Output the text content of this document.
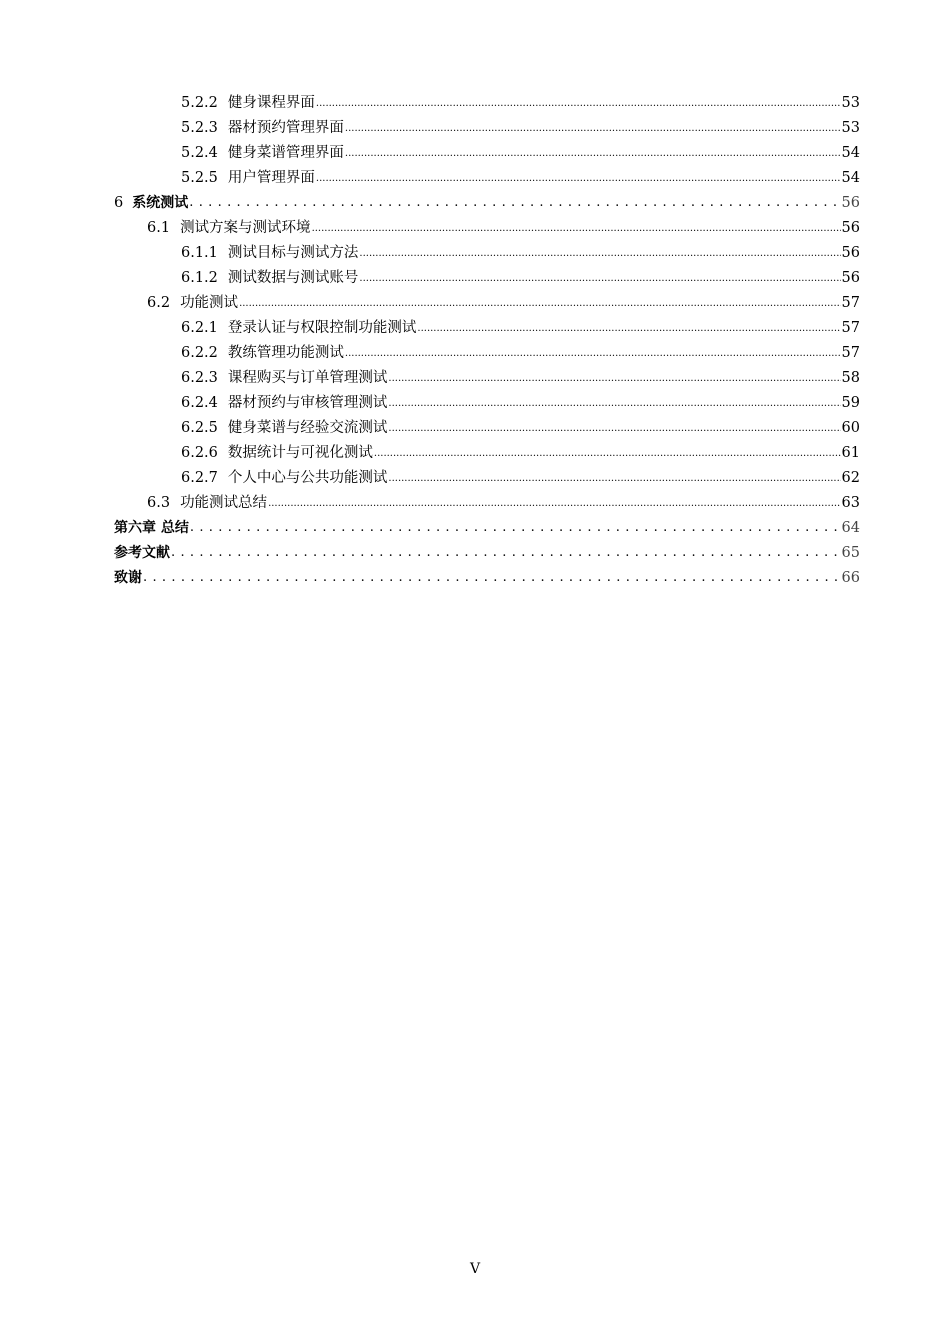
5.2.2 健身课程界面 .....	53
5.2.3 器材预约管理界面 .....	53
5.2.4 健身菜谱管理界面 .....	54
5.2.5 用户管理界面 .....	54
6 系统测试 . . .	56
6.1 测试方案与测试环境 .....	56
6.1.1 测试目标与测试方法 .....	56
6.1.2 测试数据与测试账号 .....	56
6.2 功能测试 .....	57
6.2.1 登录认证与权限控制功能测试 .....	57
6.2.2 教练管理功能测试 .....	57
6.2.3 课程购买与订单管理测试 .....	58
6.2.4 器材预约与审核管理测试 .....	59
6.2.5 健身菜谱与经验交流测试 .....	60
6.2.6 数据统计与可视化测试 .....	61
6.2.7 个人中心与公共功能测试 .....	62
6.3 功能测试总结 .....	63
第六章 总结 . . .	64
参考文献 . . .	65
致谢 . . .	66
V
